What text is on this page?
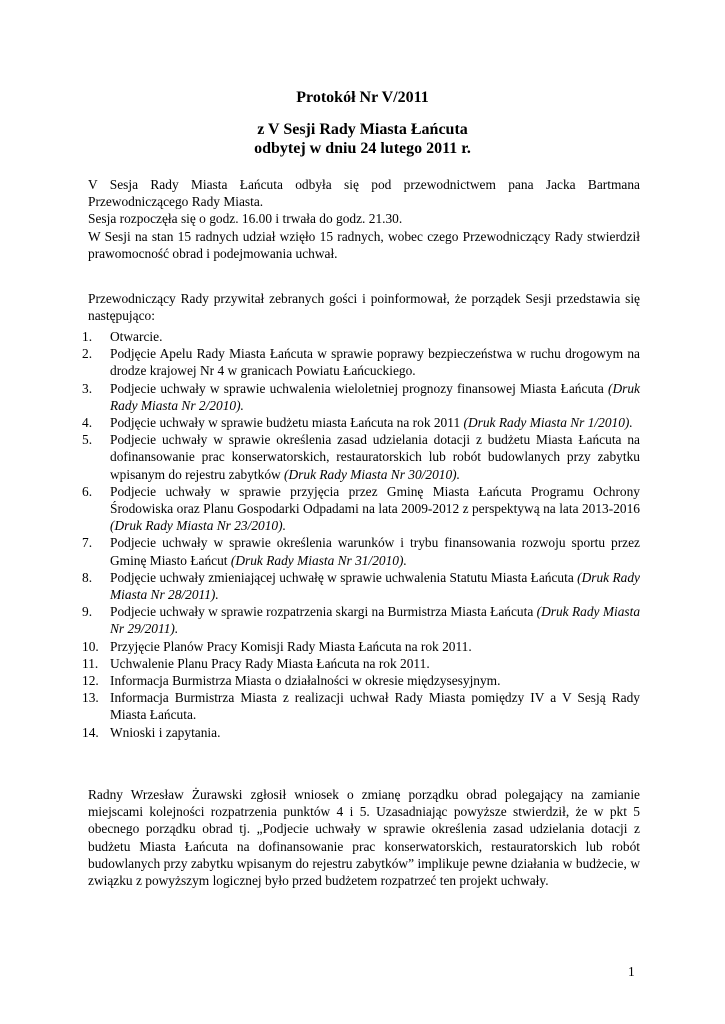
Protokół Nr V/2011
z V Sesji Rady Miasta Łańcuta
odbytej w dniu 24 lutego 2011 r.
V Sesja Rady Miasta Łańcuta odbyła się pod przewodnictwem pana Jacka Bartmana Przewodniczącego Rady Miasta.
Sesja rozpoczęła się o godz. 16.00 i trwała do godz. 21.30.
W Sesji na stan 15 radnych udział wzięło 15 radnych, wobec czego Przewodniczący Rady stwierdził prawomocność obrad i podejmowania uchwał.
Przewodniczący Rady przywitał zebranych gości i poinformował, że porządek Sesji przedstawia się następująco:
1. Otwarcie.
2. Podjęcie Apelu Rady Miasta Łańcuta w sprawie poprawy bezpieczeństwa w ruchu drogowym na drodze krajowej Nr 4 w granicach Powiatu Łańcuckiego.
3. Podjecie uchwały w sprawie uchwalenia wieloletniej prognozy finansowej Miasta Łańcuta (Druk Rady Miasta Nr 2/2010).
4. Podjęcie uchwały w sprawie budżetu miasta Łańcuta na rok 2011 (Druk Rady Miasta Nr 1/2010).
5. Podjecie uchwały w sprawie określenia zasad udzielania dotacji z budżetu Miasta Łańcuta na dofinansowanie prac konserwatorskich, restauratorskich lub robót budowlanych przy zabytku wpisanym do rejestru zabytków (Druk Rady Miasta Nr 30/2010).
6. Podjecie uchwały w sprawie przyjęcia przez Gminę Miasta Łańcuta Programu Ochrony Środowiska oraz Planu Gospodarki Odpadami na lata 2009-2012 z perspektywą na lata 2013-2016 (Druk Rady Miasta Nr 23/2010).
7. Podjecie uchwały w sprawie określenia warunków i trybu finansowania rozwoju sportu przez Gminę Miasto Łańcut (Druk Rady Miasta Nr 31/2010).
8. Podjęcie uchwały zmieniającej uchwałę w sprawie uchwalenia Statutu Miasta Łańcuta (Druk Rady Miasta Nr 28/2011).
9. Podjecie uchwały w sprawie rozpatrzenia skargi na Burmistrza Miasta Łańcuta (Druk Rady Miasta Nr 29/2011).
10. Przyjęcie Planów Pracy Komisji Rady Miasta Łańcuta na rok 2011.
11. Uchwalenie Planu Pracy Rady Miasta Łańcuta na rok 2011.
12. Informacja Burmistrza Miasta o działalności w okresie międzysesyjnym.
13. Informacja Burmistrza Miasta z realizacji uchwał Rady Miasta pomiędzy IV a V Sesją Rady Miasta Łańcuta.
14. Wnioski i zapytania.
Radny Wrzesław Żurawski zgłosił wniosek o zmianę porządku obrad polegający na zamianie miejscami kolejności rozpatrzenia punktów 4 i 5. Uzasadniając powyższe stwierdził, że w pkt 5 obecnego porządku obrad tj. „Podjecie uchwały w sprawie określenia zasad udzielania dotacji z budżetu Miasta Łańcuta na dofinansowanie prac konserwatorskich, restauratorskich lub robót budowlanych przy zabytku wpisanym do rejestru zabytków” implikuje pewne działania w budżecie, w związku z powyższym logicznej było przed budżetem rozpatrzeć ten projekt uchwały.
1
